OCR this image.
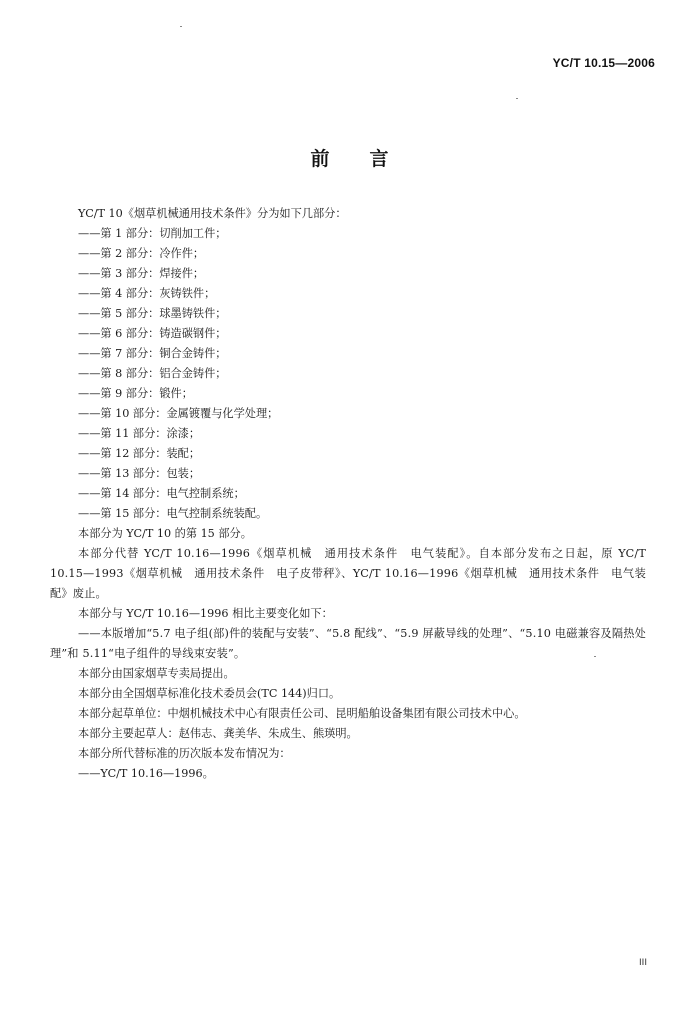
YC/T 10.15—2006
前言
YC/T 10《烟草机械通用技术条件》分为如下几部分：
——第 1 部分：切削加工件；
——第 2 部分：冷作件；
——第 3 部分：焊接件；
——第 4 部分：灰铸铁件；
——第 5 部分：球墨铸铁件；
——第 6 部分：铸造碳钢件；
——第 7 部分：铜合金铸件；
——第 8 部分：铝合金铸件；
——第 9 部分：锻件；
——第 10 部分：金属镀覆与化学处理；
——第 11 部分：涂漆；
——第 12 部分：装配；
——第 13 部分：包装；
——第 14 部分：电气控制系统；
——第 15 部分：电气控制系统装配。
本部分为 YC/T 10 的第 15 部分。
本部分代替 YC/T 10.16—1996《烟草机械　通用技术条件　电气装配》。自本部分发布之日起，原 YC/T 10.15—1993《烟草机械　通用技术条件　电子皮带秤》、YC/T 10.16—1996《烟草机械　通用技术条件　电气装配》废止。
本部分与 YC/T 10.16—1996 相比主要变化如下：
——本版增加“5.7 电子组(部)件的装配与安装”、“5.8 配线”、“5.9 屏蔽导线的处理”、“5.10 电磁兼容及隔热处理”和 5.11“电子组件的导线束安装”。
本部分由国家烟草专卖局提出。
本部分由全国烟草标准化技术委员会(TC 144)归口。
本部分起草单位：中烟机械技术中心有限责任公司、昆明船舶设备集团有限公司技术中心。
本部分主要起草人：赵伟志、龚美华、朱成生、熊瑛明。
本部分所代替标准的历次版本发布情况为：
——YC/T 10.16—1996。
III
